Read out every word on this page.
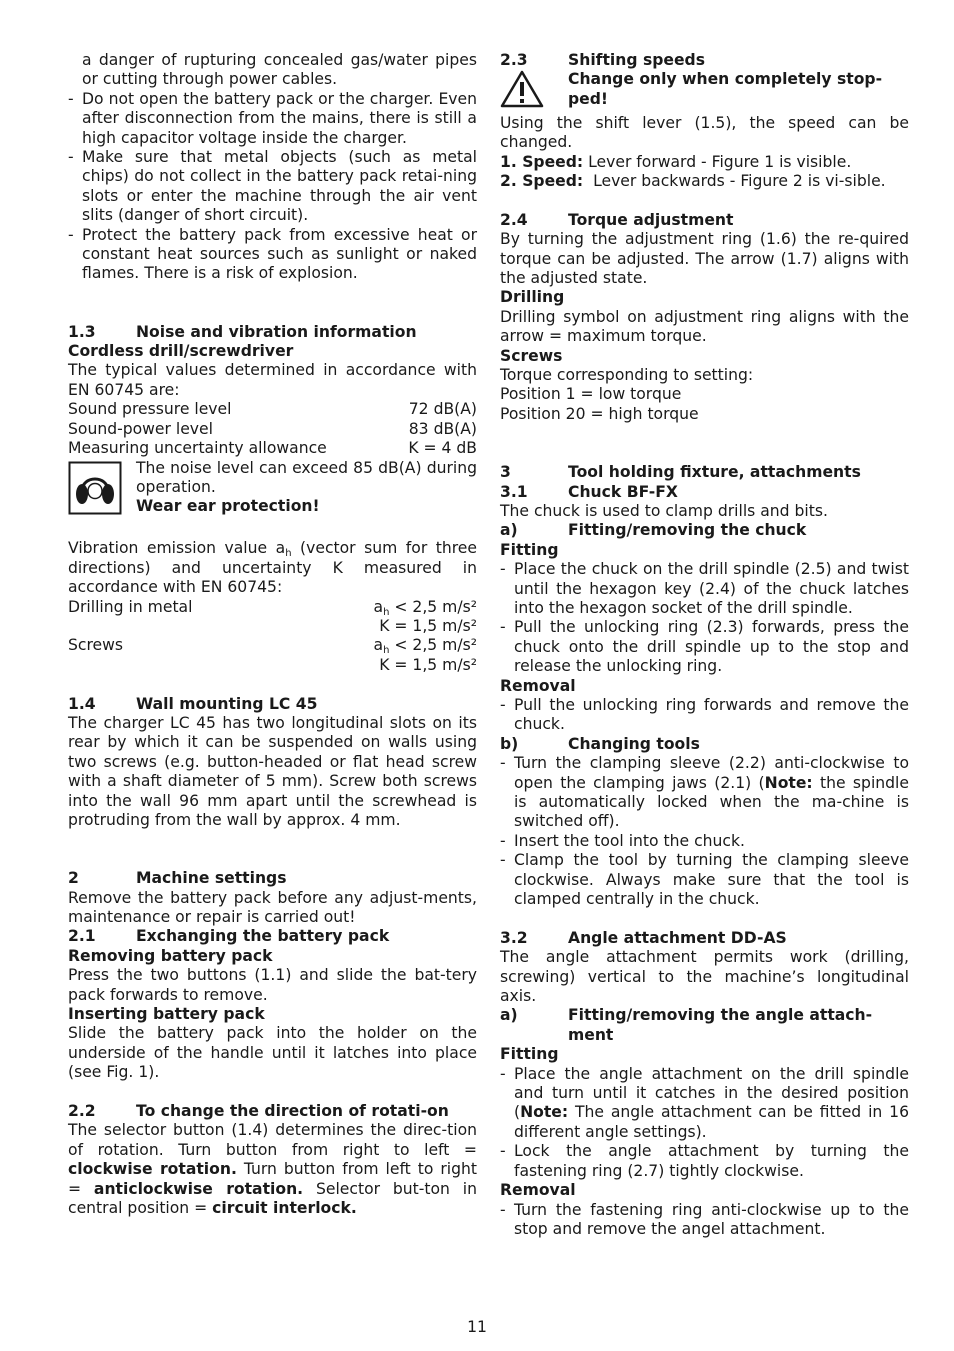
a danger of rupturing concealed gas/water pipes or cutting through power cables.

- Do not open the battery pack or the charger. Even after disconnection from the mains, there is still a high capacitor voltage inside the charger.

- Make sure that metal objects (such as metal chips) do not collect in the battery pack retai-ning slots or enter the machine through the air vent slits (danger of short circuit).

- Protect the battery pack from excessive heat or constant heat sources such as sunlight or naked flames. There is a risk of explosion.

1.3	Noise and vibration information

Cordless drill/screwdriver

The typical values determined in accordance with EN 60745 are:

Sound pressure level	72 dB(A)
Sound-power level	83 dB(A)
Measuring uncertainty allowance	K = 4 dB

The noise level can exceed 85 dB(A) during operation.

Wear ear protection!

Vibration emission value $a_h$ (vector sum for three directions) and uncertainty K measured in accordance with EN 60745:

Drilling in metal	$a_h < 2,5$ m/s²

K = 1,5 m/s²

Screws	$a_h < 2,5$ m/s²

K = 1,5 m/s²

1.4	Wall mounting LC 45

The charger LC 45 has two longitudinal slots on its rear by which it can be suspended on walls using two screws (e.g. button-headed or flat head screw with a shaft diameter of 5 mm). Screw both screws into the wall 96 mm apart until the screwhead is protruding from the wall by approx. 4 mm.

2	Machine settings

Remove the battery pack before any adjust-ments, maintenance or repair is carried out!

2.1	Exchanging the battery pack

Removing battery pack

Press the two buttons (1.1) and slide the bat-tery pack forwards to remove.

Inserting battery pack

Slide the battery pack into the holder on the underside of the handle until it latches into place (see Fig. 1).

2.2	To change the direction of rotati-on

The selector button (1.4) determines the direc-tion of rotation. Turn button from right to left = clockwise rotation. Turn button from left to right = anticlockwise rotation. Selector but-ton in central position = circuit interlock.

2.3	Shifting speeds

Change only when completely stop-ped!

Using the shift lever (1.5), the speed can be changed.

1. Speed: Lever forward - Figure 1 is visible.

2. Speed:  Lever backwards - Figure 2 is vi-sible.

2.4	Torque adjustment

By turning the adjustment ring (1.6) the re-quired torque can be adjusted. The arrow (1.7) aligns with the adjusted state.

Drilling

Drilling symbol on adjustment ring aligns with the arrow = maximum torque.

Screws

Torque corresponding to setting:

Position 1 = low torque

Position 20 = high torque

3	Tool holding fixture, attachments
3.1	Chuck BF-FX

The chuck is used to clamp drills and bits.

a)	Fitting/removing the chuck

Fitting

- Place the chuck on the drill spindle (2.5) and twist until the hexagon key (2.4) of the chuck latches into the hexagon socket of the drill spindle.

- Pull the unlocking ring (2.3) forwards, press the chuck onto the drill spindle up to the stop and release the unlocking ring.

Removal

- Pull the unlocking ring forwards and remove the chuck.

b)	Changing tools

- Turn the clamping sleeve (2.2) anti-clockwise to open the clamping jaws (2.1) (Note: the spindle is automatically locked when the ma-chine is switched off).

- Insert the tool into the chuck.

- Clamp the tool by turning the clamping sleeve clockwise. Always make sure that the tool is clamped centrally in the chuck.

3.2	Angle attachment DD-AS

The angle attachment permits work (drilling, screwing) vertical to the machine’s longitudinal axis.

a)	Fitting/removing the angle attach-ment

Fitting

- Place the angle attachment on the drill spindle and turn until it catches in the desired position (Note: The angle attachment can be fitted in 16 different angle settings).

- Lock the angle attachment by turning the fastening ring (2.7) tightly clockwise.

Removal

- Turn the fastening ring anti-clockwise up to the stop and remove the angel attachment.

11
